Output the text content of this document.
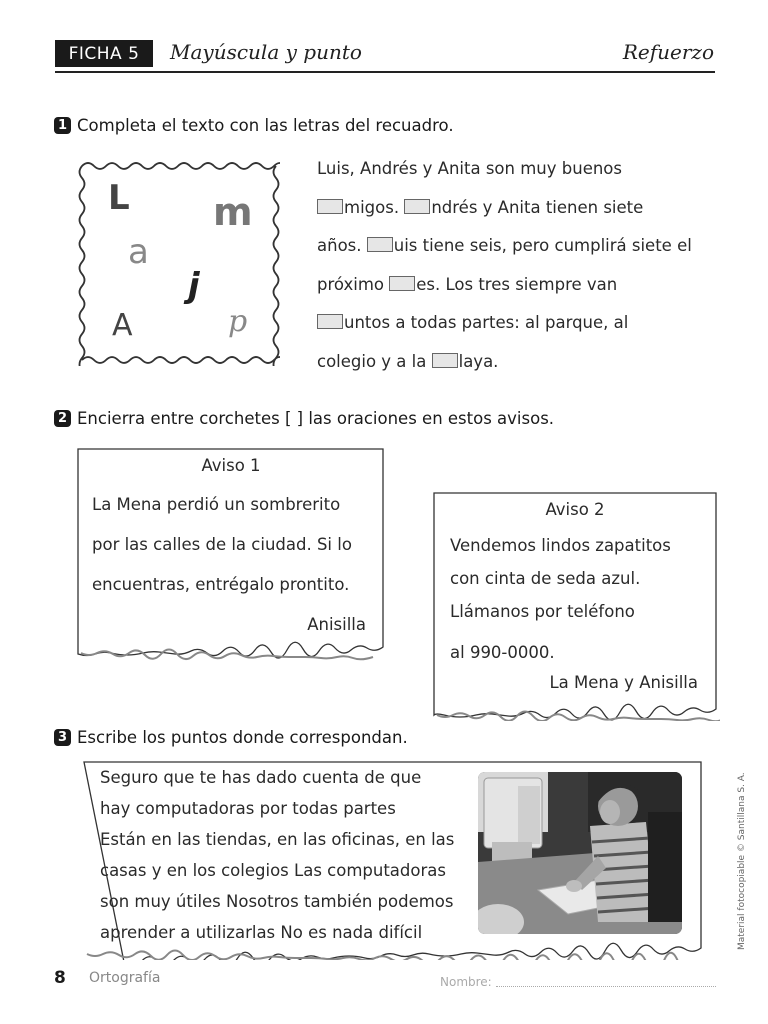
FICHA 5	Mayúscula y punto	Refuerzo
1 Completa el texto con las letras del recuadro.
L m
a
j
A	p
Luis, Andrés y Anita son muy buenos
migos. ndrés y Anita tienen siete
años. uis tiene seis, pero cumplirá siete el
próximo es. Los tres siempre van
untos a todas partes: al parque, al
colegio y a la laya.
2 Encierra entre corchetes [ ] las oraciones en estos avisos.
Aviso 1
La Mena perdió un sombrerito
por las calles de la ciudad. Si lo
encuentras, entrégalo prontito.
Anisilla
Aviso 2
Vendemos lindos zapatitos
con cinta de seda azul.
Llámanos por teléfono
al 990-0000.
La Mena y Anisilla
3 Escribe los puntos donde correspondan.
Seguro que te has dado cuenta de que
hay computadoras por todas partes
Están en las tiendas, en las oficinas, en las
casas y en los colegios Las computadoras
son muy útiles Nosotros también podemos
aprender a utilizarlas No es nada difícil	Material fotocopiable © Santillana S. A.
8 Ortografía	Nombre:
